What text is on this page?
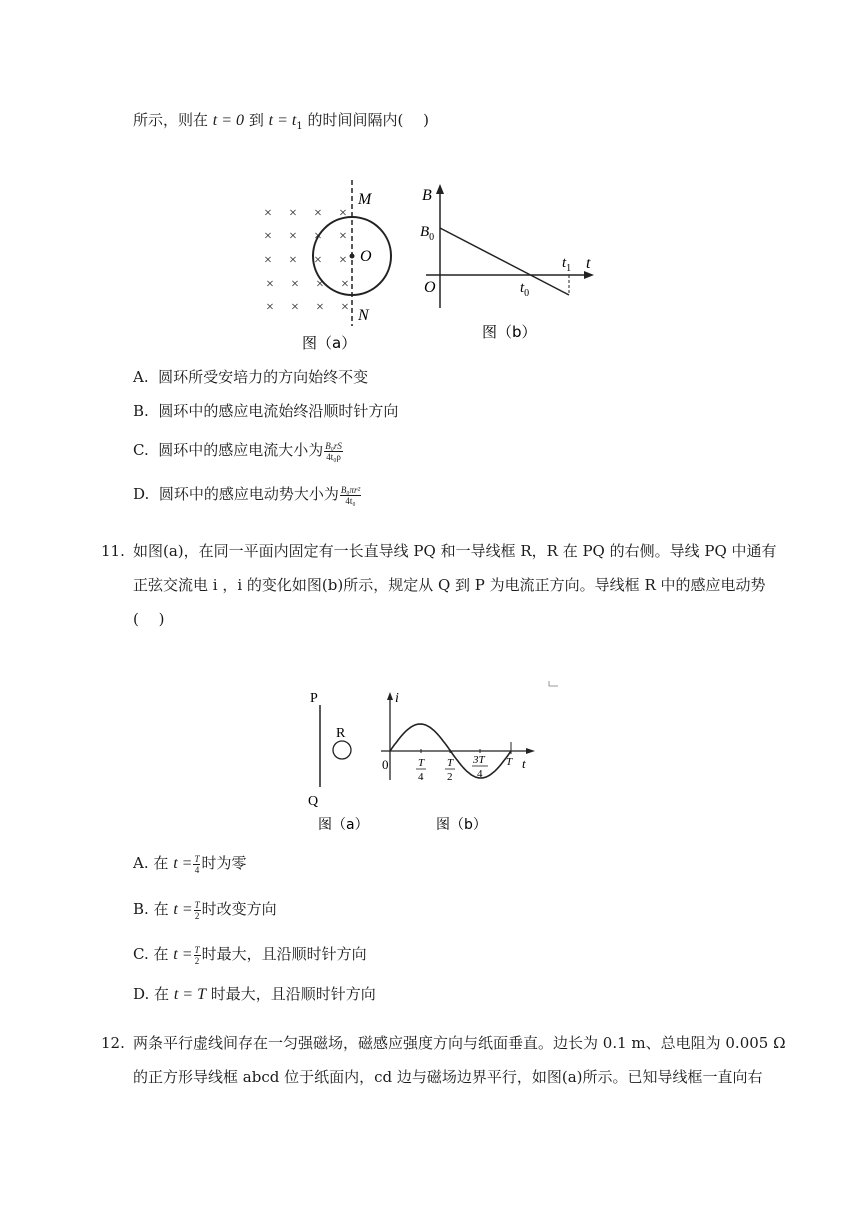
所示，则在 t = 0 到 $t = t_1$ 的时间间隔内(　 )
× × × ×
× × × ×
× × × ×
× × × ×
× × × ×
M
O
N
图（a）
B
t
$B_0$
O	$t_0$
$t_1$
图（b）
A. 圆环所受安培力的方向始终不变
B. 圆环中的感应电流始终沿顺时针方向
C. 圆环中的感应电流大小为 $\frac{\text{B₀rS}}{\text{4t₀ρ}}$
D. 圆环中的感应电动势大小为 $\frac{\text{B₀πr²}}{\text{4t₀}}$
11. 如图(a)，在同一平面内固定有一长直导线 PQ 和一导线框 R，R 在 PQ 的右侧。导线 PQ 中通有
正弦交流电 i ，i 的变化如图(b)所示，规定从 Q 到 P 为电流正方向。导线框 R 中的感应电动势
(　 )
P
Q
R
图（a）
i
t
0	T
4
T
2
3T
4
T
图（b）
A. 在 $t = \frac{T}{4}$ 时为零
B. 在 $t = \frac{T}{2}$ 时改变方向
C. 在 $t = \frac{T}{2}$ 时最大，且沿顺时针方向
D. 在 t = T 时最大，且沿顺时针方向
12. 两条平行虚线间存在一匀强磁场，磁感应强度方向与纸面垂直。边长为 0.1 m、总电阻为 0.005 Ω
的正方形导线框 abcd 位于纸面内，cd 边与磁场边界平行，如图(a)所示。已知导线框一直向右
